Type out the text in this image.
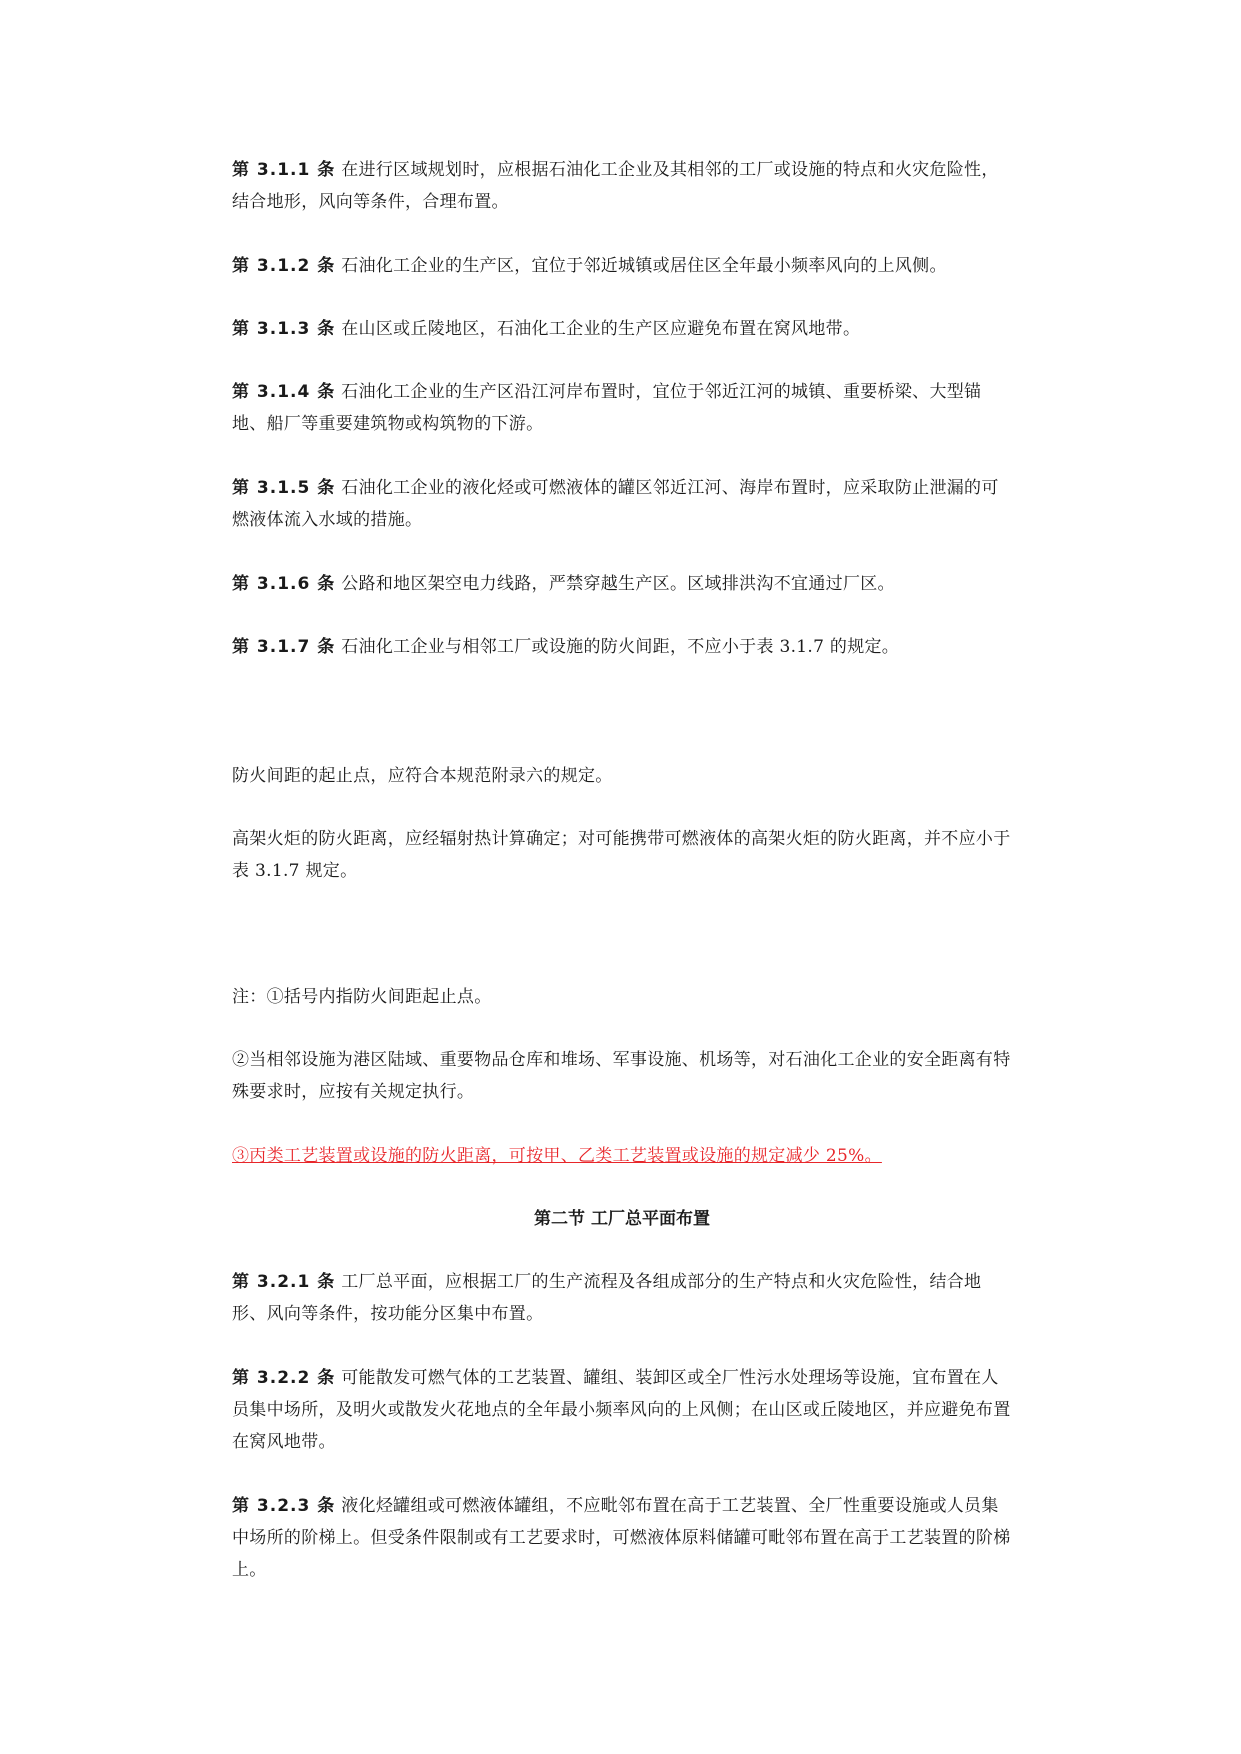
第 3.1.1 条 在进行区域规划时，应根据石油化工企业及其相邻的工厂或设施的特点和火灾危险性，结合地形，风向等条件，合理布置。

第 3.1.2 条 石油化工企业的生产区，宜位于邻近城镇或居住区全年最小频率风向的上风侧。

第 3.1.3 条 在山区或丘陵地区，石油化工企业的生产区应避免布置在窝风地带。

第 3.1.4 条 石油化工企业的生产区沿江河岸布置时，宜位于邻近江河的城镇、重要桥梁、大型锚地、船厂等重要建筑物或构筑物的下游。

第 3.1.5 条 石油化工企业的液化烃或可燃液体的罐区邻近江河、海岸布置时，应采取防止泄漏的可燃液体流入水域的措施。

第 3.1.6 条 公路和地区架空电力线路，严禁穿越生产区。区域排洪沟不宜通过厂区。

第 3.1.7 条 石油化工企业与相邻工厂或设施的防火间距，不应小于表 3.1.7 的规定。

防火间距的起止点，应符合本规范附录六的规定。

高架火炬的防火距离，应经辐射热计算确定；对可能携带可燃液体的高架火炬的防火距离，并不应小于表 3.1.7 规定。

注：①括号内指防火间距起止点。

②当相邻设施为港区陆域、重要物品仓库和堆场、军事设施、机场等，对石油化工企业的安全距离有特殊要求时，应按有关规定执行。

③丙类工艺装置或设施的防火距离，可按甲、乙类工艺装置或设施的规定减少 25%。

第二节 工厂总平面布置

第 3.2.1 条 工厂总平面，应根据工厂的生产流程及各组成部分的生产特点和火灾危险性，结合地形、风向等条件，按功能分区集中布置。

第 3.2.2 条 可能散发可燃气体的工艺装置、罐组、装卸区或全厂性污水处理场等设施，宜布置在人员集中场所，及明火或散发火花地点的全年最小频率风向的上风侧；在山区或丘陵地区，并应避免布置在窝风地带。

第 3.2.3 条 液化烃罐组或可燃液体罐组，不应毗邻布置在高于工艺装置、全厂性重要设施或人员集中场所的阶梯上。但受条件限制或有工艺要求时，可燃液体原料储罐可毗邻布置在高于工艺装置的阶梯上。
